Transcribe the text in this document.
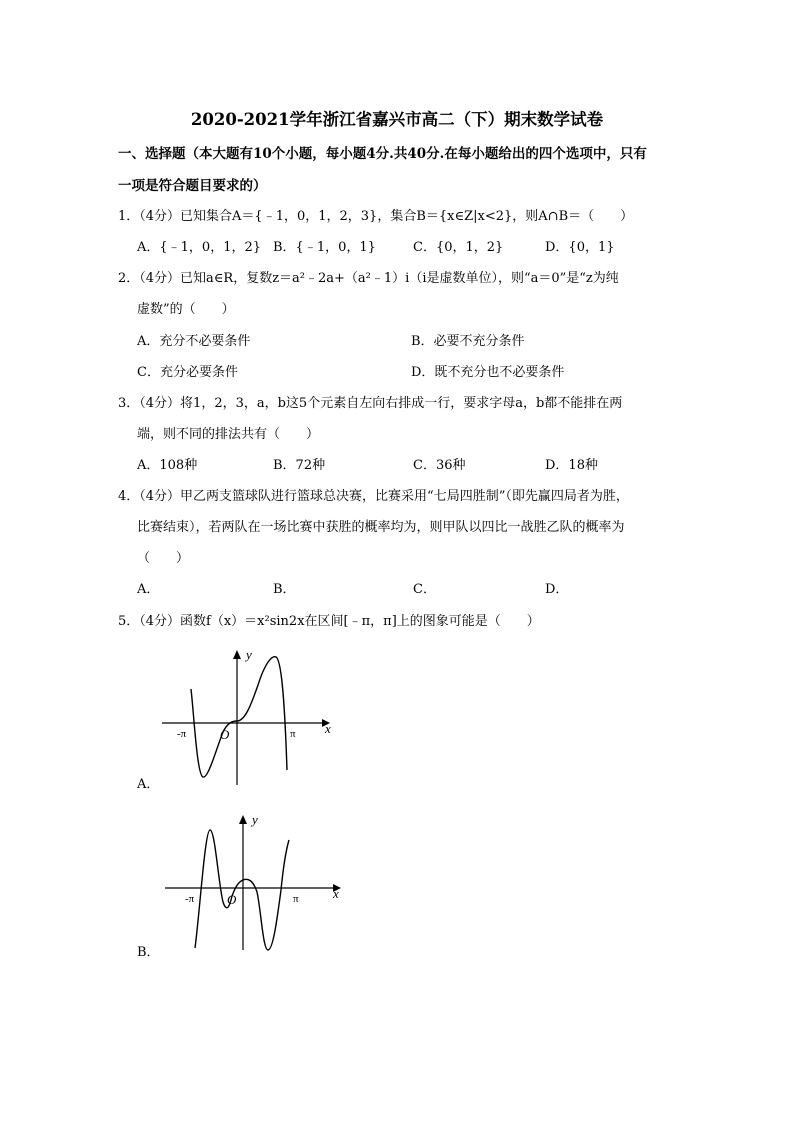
2020-2021学年浙江省嘉兴市高二（下）期末数学试卷
一、选择题（本大题有10个小题，每小题4分.共40分.在每小题给出的四个选项中，只有
一项是符合题目要求的）
1．（4分）已知集合A＝{﹣1，0，1，2，3}，集合B＝{x∈Z|x<2}，则A∩B＝（　　）
A．{﹣1，0，1，2} B．{﹣1，0，1}	C．{0，1，2}	D．{0，1}
2．（4分）已知a∈R，复数z＝a²﹣2a+（a²﹣1）i（i是虚数单位），则“a＝0”是“z为纯
虚数”的（　　）
A．充分不必要条件	B．必要不充分条件
C．充分必要条件	D．既不充分也不必要条件
3．（4分）将1，2，3，a，b这5个元素自左向右排成一行，要求字母a，b都不能排在两
端，则不同的排法共有（　　）
A．108种	B．72种	C．36种	D．18种
4．（4分）甲乙两支篮球队进行篮球总决赛，比赛采用“七局四胜制”（即先赢四局者为胜，
比赛结束），若两队在一场比赛中获胜的概率均为，则甲队以四比一战胜乙队的概率为
（　　）
A．	B．	C．	D．
5．（4分）函数f（x）＝x²sin2x在区间[﹣π，π]上的图象可能是（　　）
-π	O	π x
y
A．
-π	O	π	x
y
B．
